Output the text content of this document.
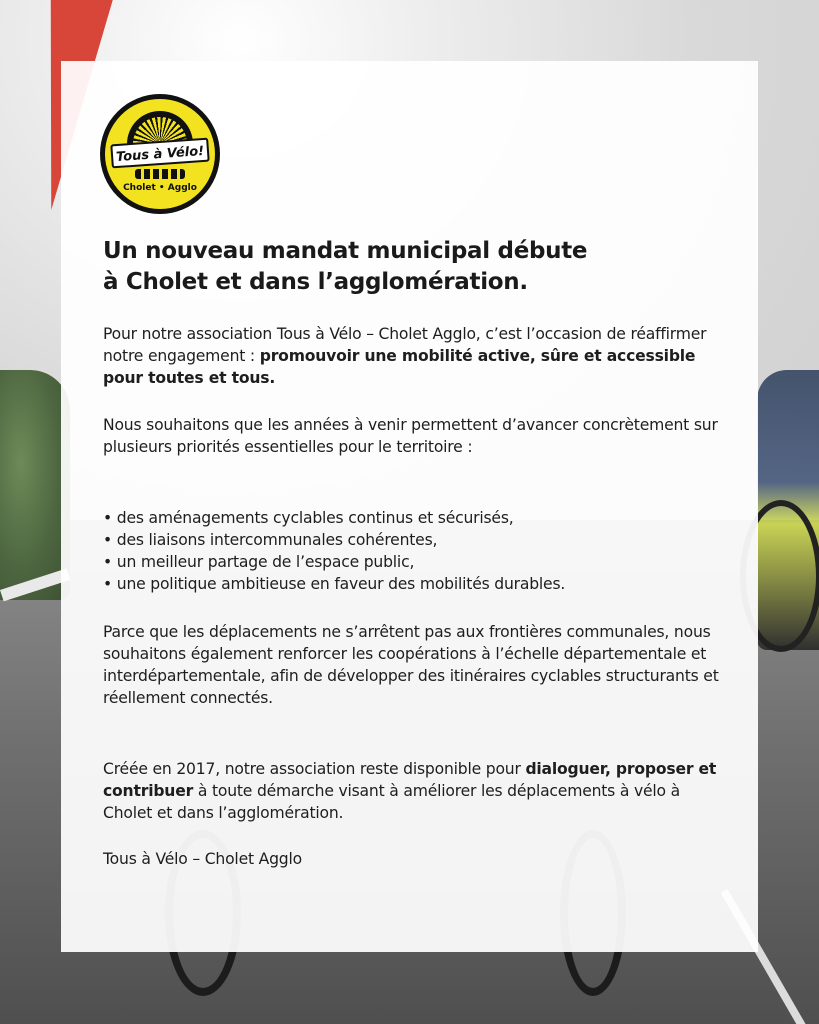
Tous à Vélo!
Cholet • Agglo
Un nouveau mandat municipal débute
à Cholet et dans l’agglomération.

Pour notre association Tous à Vélo – Cholet Agglo, c’est l’occasion de réaffirmer notre engagement : promouvoir une mobilité active, sûre et accessible pour toutes et tous.

Nous souhaitons que les années à venir permettent d’avancer concrètement sur plusieurs priorités essentielles pour le territoire :

• des aménagements cyclables continus et sécurisés,
• des liaisons intercommunales cohérentes,
• un meilleur partage de l’espace public,
• une politique ambitieuse en faveur des mobilités durables.

Parce que les déplacements ne s’arrêtent pas aux frontières communales, nous souhaitons également renforcer les coopérations à l’échelle départementale et interdépartementale, afin de développer des itinéraires cyclables structurants et réellement connectés.

Créée en 2017, notre association reste disponible pour dialoguer, proposer et contribuer à toute démarche visant à améliorer les déplacements à vélo à Cholet et dans l’agglomération.

Tous à Vélo – Cholet Agglo
